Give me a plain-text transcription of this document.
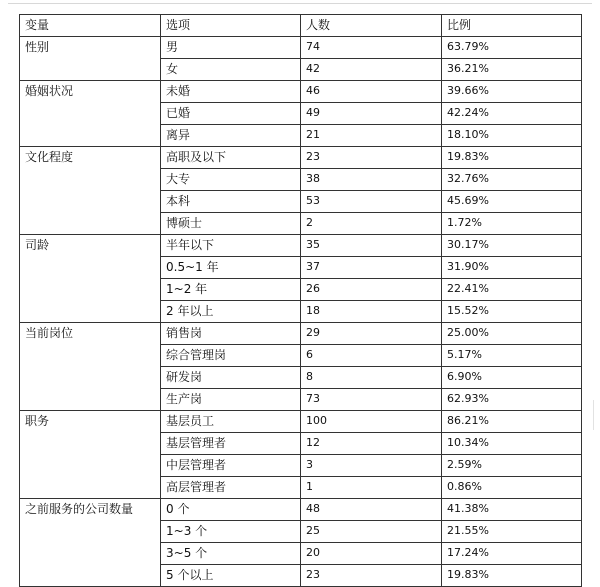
变量	选项	人数	比例
性别	男	74	63.79%
	女	42	36.21%
婚姻状况	未婚	46	39.66%
	已婚	49	42.24%
	离异	21	18.10%
文化程度	高职及以下	23	19.83%
	大专	38	32.76%
	本科	53	45.69%
	博硕士	2	1.72%
司龄	半年以下	35	30.17%
	0.5~1 年	37	31.90%
	1~2 年	26	22.41%
	2 年以上	18	15.52%
当前岗位	销售岗	29	25.00%
	综合管理岗	6	5.17%
	研发岗	8	6.90%
	生产岗	73	62.93%
职务	基层员工	100	86.21%
	基层管理者	12	10.34%
	中层管理者	3	2.59%
	高层管理者	1	0.86%
之前服务的公司数量	0 个	48	41.38%
	1~3 个	25	21.55%
	3~5 个	20	17.24%
	5 个以上	23	19.83%
